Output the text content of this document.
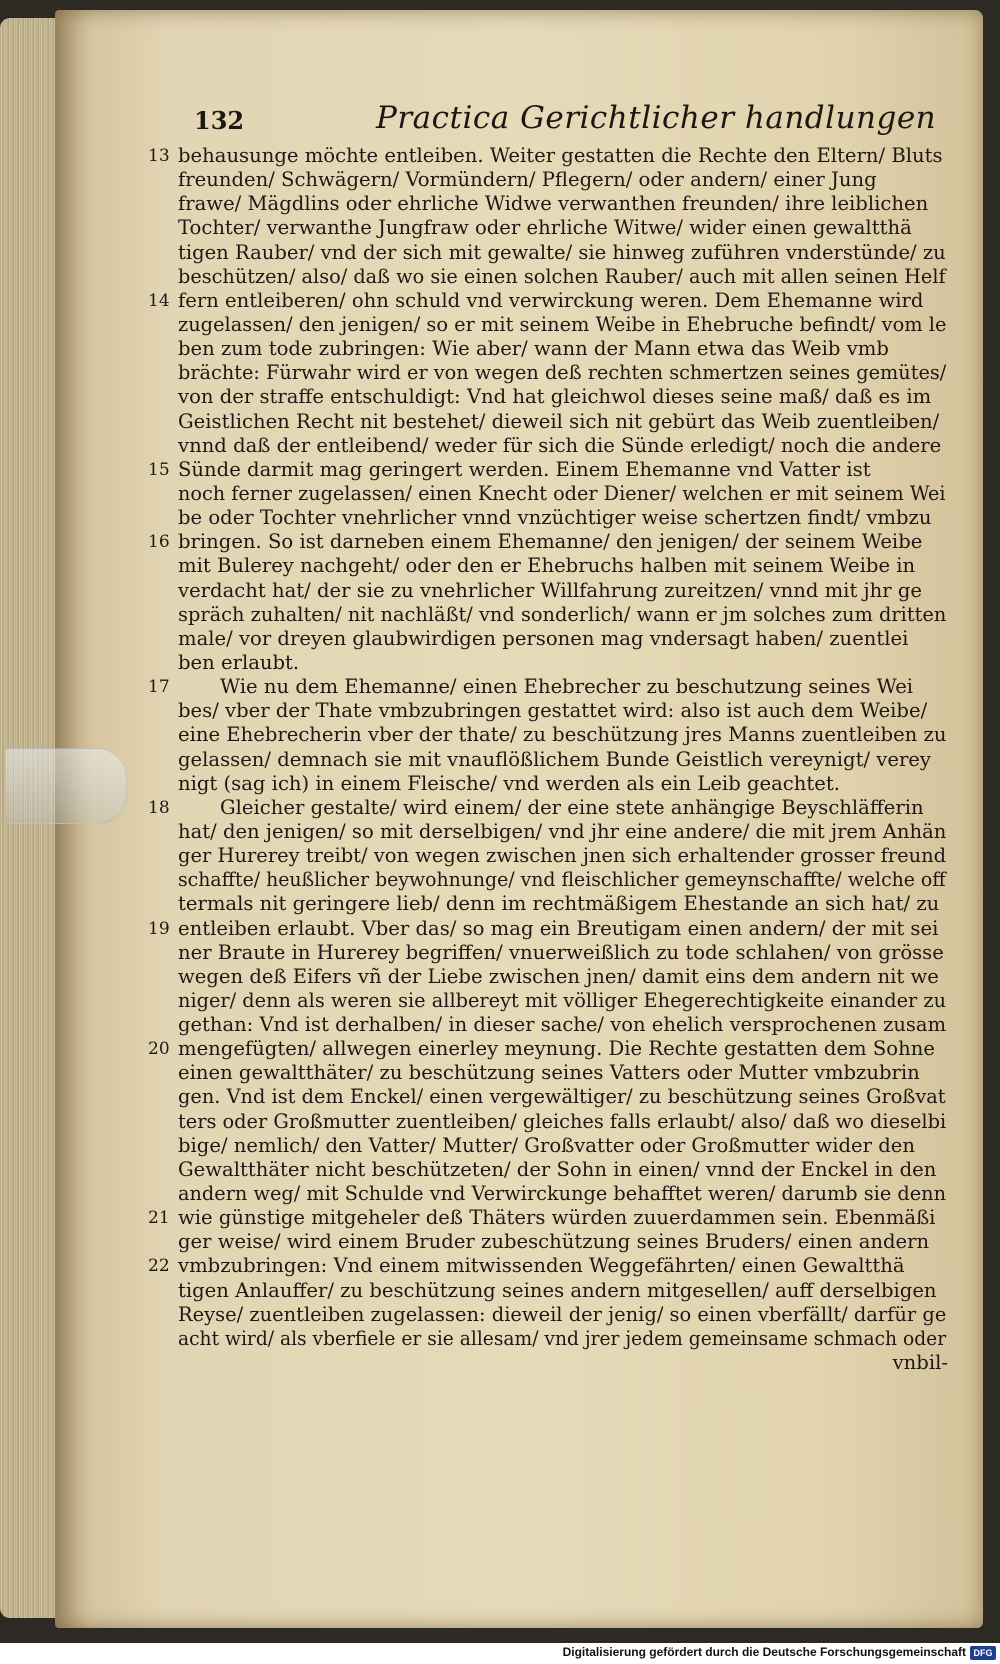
132	Practica Gerichtlicher handlungen
13 behausunge möchte entleiben. Weiter gestatten die Rechte den Eltern/ Bluts
freunden/ Schwägern/ Vormündern/ Pflegern/ oder andern/ einer Jung
frawe/ Mägdlins oder ehrliche Widwe verwanthen freunden/ ihre leiblichen
Tochter/ verwanthe Jungfraw oder ehrliche Witwe/ wider einen gewaltthä
tigen Rauber/ vnd der sich mit gewalte/ sie hinweg zuführen vnderstünde/ zu
beschützen/ also/ daß wo sie einen solchen Rauber/ auch mit allen seinen Helf
14 fern entleiberen/ ohn schuld vnd verwirckung weren. Dem Ehemanne wird
zugelassen/ den jenigen/ so er mit seinem Weibe in Ehebruche befindt/ vom le
ben zum tode zubringen: Wie aber/ wann der Mann etwa das Weib vmb
brächte: Fürwahr wird er von wegen deß rechten schmertzen seines gemütes/
von der straffe entschuldigt: Vnd hat gleichwol dieses seine maß/ daß es im
Geistlichen Recht nit bestehet/ dieweil sich nit gebürt das Weib zuentleiben/
vnnd daß der entleibend/ weder für sich die Sünde erledigt/ noch die andere
15 Sünde darmit mag geringert werden. Einem Ehemanne vnd Vatter ist
noch ferner zugelassen/ einen Knecht oder Diener/ welchen er mit seinem Wei
be oder Tochter vnehrlicher vnnd vnzüchtiger weise schertzen findt/ vmbzu
16 bringen. So ist darneben einem Ehemanne/ den jenigen/ der seinem Weibe
mit Bulerey nachgeht/ oder den er Ehebruchs halben mit seinem Weibe in
verdacht hat/ der sie zu vnehrlicher Willfahrung zureitzen/ vnnd mit jhr ge
spräch zuhalten/ nit nachläßt/ vnd sonderlich/ wann er jm solches zum dritten
male/ vor dreyen glaubwirdigen personen mag vndersagt haben/ zuentlei
ben erlaubt.
17	Wie nu dem Ehemanne/ einen Ehebrecher zu beschutzung seines Wei
bes/ vber der Thate vmbzubringen gestattet wird: also ist auch dem Weibe/
eine Ehebrecherin vber der thate/ zu beschützung jres Manns zuentleiben zu
gelassen/ demnach sie mit vnauflößlichem Bunde Geistlich vereynigt/ verey
nigt (sag ich) in einem Fleische/ vnd werden als ein Leib geachtet.
18	Gleicher gestalte/ wird einem/ der eine stete anhängige Beyschläfferin
hat/ den jenigen/ so mit derselbigen/ vnd jhr eine andere/ die mit jrem Anhän
ger Hurerey treibt/ von wegen zwischen jnen sich erhaltender grosser freund
schaffte/ heußlicher beywohnunge/ vnd fleischlicher gemeynschaffte/ welche off
termals nit geringere lieb/ denn im rechtmäßigem Ehestande an sich hat/ zu
19 entleiben erlaubt. Vber das/ so mag ein Breutigam einen andern/ der mit sei
ner Braute in Hurerey begriffen/ vnuerweißlich zu tode schlahen/ von grösse
wegen deß Eifers vñ der Liebe zwischen jnen/ damit eins dem andern nit we
niger/ denn als weren sie allbereyt mit völliger Ehegerechtigkeite einander zu
gethan: Vnd ist derhalben/ in dieser sache/ von ehelich versprochenen zusam
20 mengefügten/ allwegen einerley meynung. Die Rechte gestatten dem Sohne
einen gewaltthäter/ zu beschützung seines Vatters oder Mutter vmbzubrin
gen. Vnd ist dem Enckel/ einen vergewältiger/ zu beschützung seines Großvat
ters oder Großmutter zuentleiben/ gleiches falls erlaubt/ also/ daß wo dieselbi
bige/ nemlich/ den Vatter/ Mutter/ Großvatter oder Großmutter wider den
Gewaltthäter nicht beschützeten/ der Sohn in einen/ vnnd der Enckel in den
andern weg/ mit Schulde vnd Verwirckunge behafftet weren/ darumb sie denn
21 wie günstige mitgeheler deß Thäters würden zuuerdammen sein. Ebenmäßi
ger weise/ wird einem Bruder zubeschützung seines Bruders/ einen andern
22 vmbzubringen: Vnd einem mitwissenden Weggefährten/ einen Gewaltthä
tigen Anlauffer/ zu beschützung seines andern mitgesellen/ auff derselbigen
Reyse/ zuentleiben zugelassen: dieweil der jenig/ so einen vberfällt/ darfür ge
acht wird/ als vberfiele er sie allesam/ vnd jrer jedem gemeinsame schmach oder
vnbil-
Digitalisierung gefördert durch die Deutsche Forschungsgemeinschaft DFG
